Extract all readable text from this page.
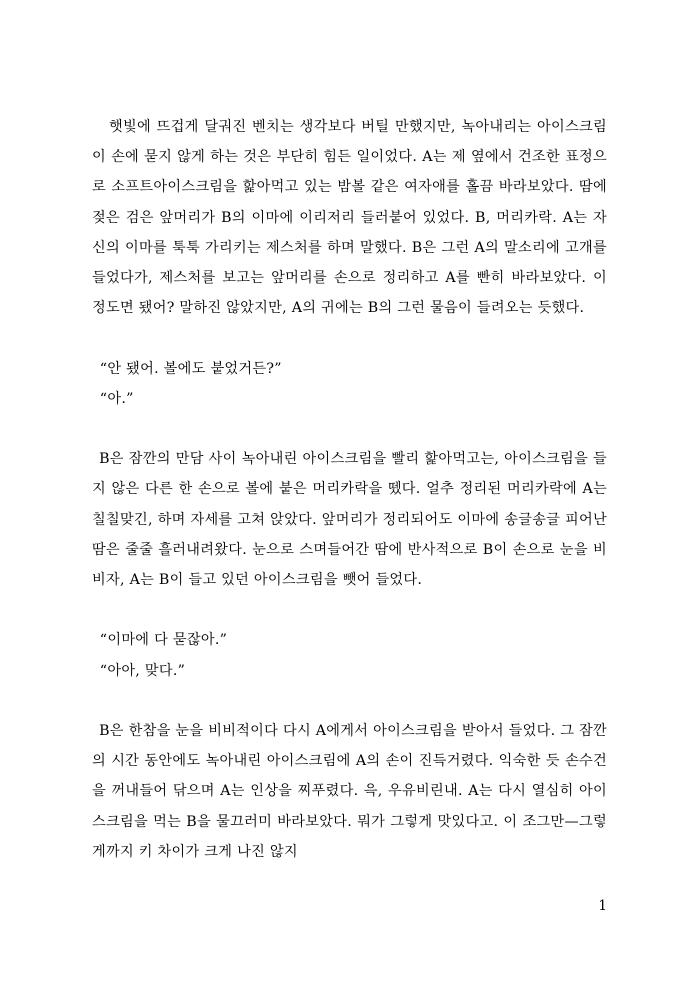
햇빛에 뜨겁게 달궈진 벤치는 생각보다 버틸 만했지만, 녹아내리는 아이스크림이 손에 묻지 않게 하는 것은 부단히 힘든 일이었다. A는 제 옆에서 건조한 표정으로 소프트아이스크림을 핥아먹고 있는 밤볼 같은 여자애를 홀끔 바라보았다. 땀에 젖은 검은 앞머리가 B의 이마에 이리저리 들러붙어 있었다. B, 머리카락. A는 자신의 이마를 툭툭 가리키는 제스처를 하며 말했다. B은 그런 A의 말소리에 고개를 들었다가, 제스처를 보고는 앞머리를 손으로 정리하고 A를 빤히 바라보았다. 이 정도면 됐어? 말하진 않았지만, A의 귀에는 B의 그런 물음이 들려오는 듯했다.

“안 됐어. 볼에도 붙었거든?”

“아.”

B은 잠깐의 만담 사이 녹아내린 아이스크림을 빨리 핥아먹고는, 아이스크림을 들지 않은 다른 한 손으로 볼에 붙은 머리카락을 뗐다. 얼추 정리된 머리카락에 A는 칠칠맞긴, 하며 자세를 고쳐 앉았다. 앞머리가 정리되어도 이마에 송글송글 피어난 땀은 줄줄 흘러내려왔다. 눈으로 스며들어간 땀에 반사적으로 B이 손으로 눈을 비비자, A는 B이 들고 있던 아이스크림을 뺏어 들었다.

“이마에 다 묻잖아.”

“아아, 맞다.”

B은 한참을 눈을 비비적이다 다시 A에게서 아이스크림을 받아서 들었다. 그 잠깐의 시간 동안에도 녹아내린 아이스크림에 A의 손이 진득거렸다. 익숙한 듯 손수건을 꺼내들어 닦으며 A는 인상을 찌푸렸다. 윽, 우유비린내. A는 다시 열심히 아이스크림을 먹는 B을 물끄러미 바라보았다. 뭐가 그렇게 맛있다고. 이 조그만—그렇게까지 키 차이가 크게 나진 않지

1
